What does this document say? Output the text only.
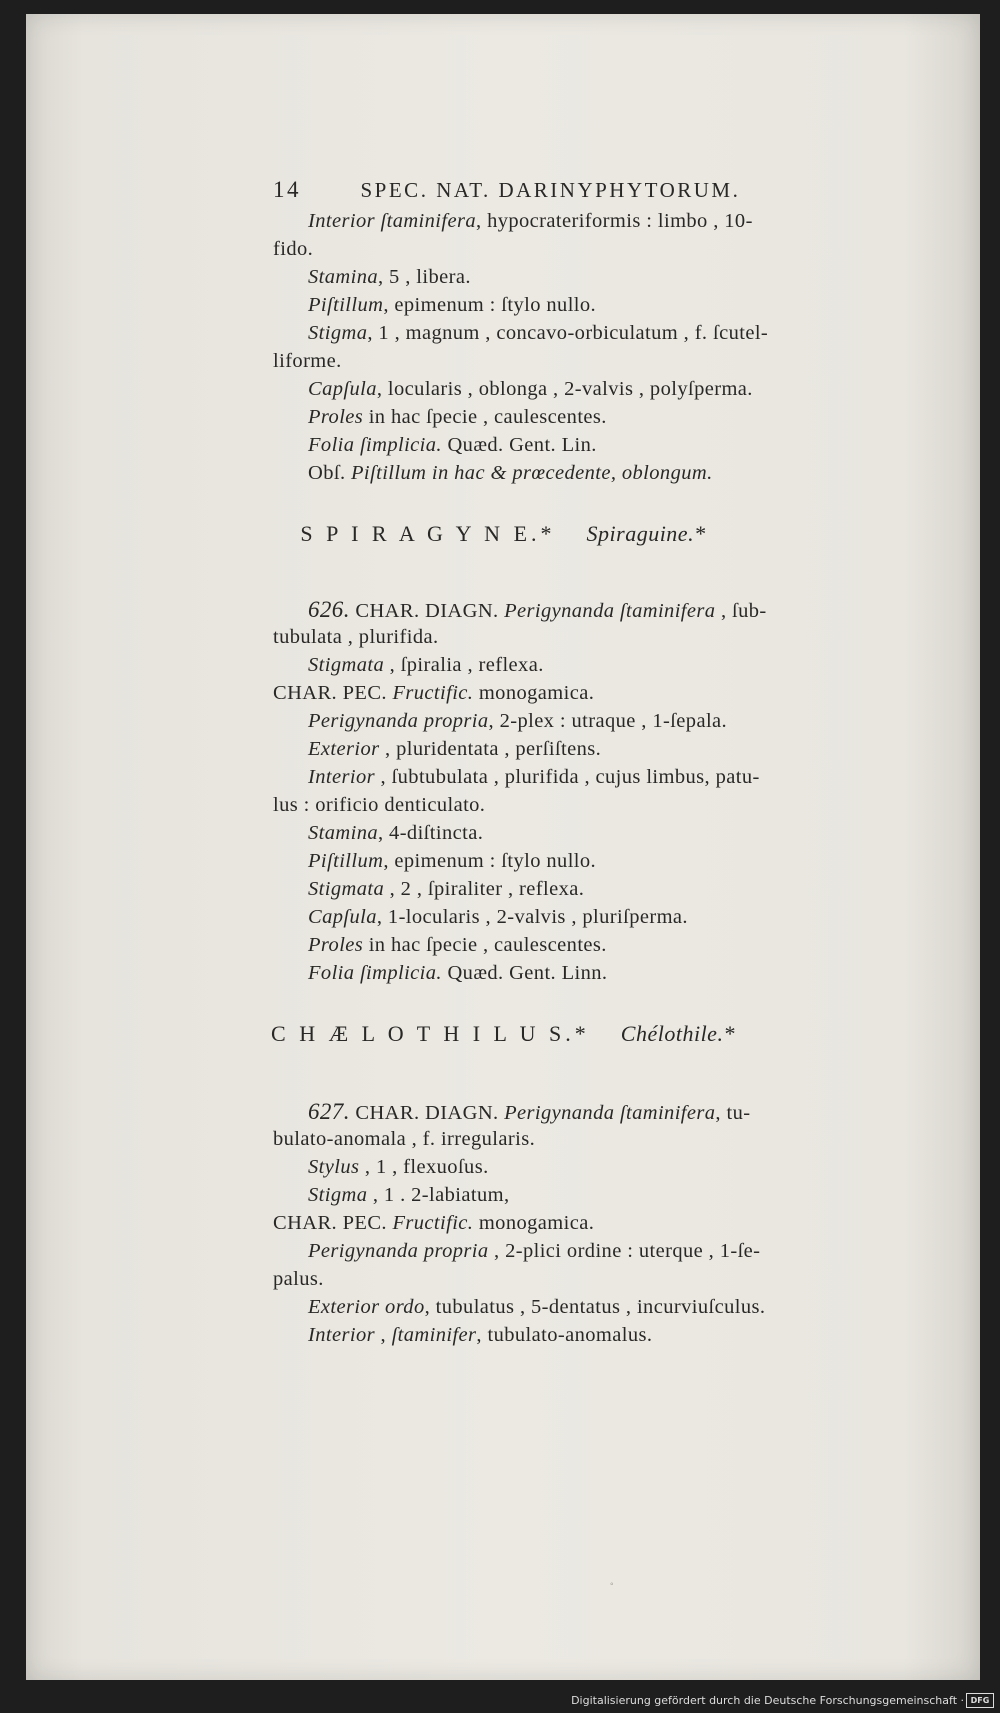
14	SPEC. NAT. DARINYPHYTORUM.
Interior ſtaminifera, hypocrateriformis : limbo , 10-
fido.
Stamina, 5 , libera.
Piſtillum, epimenum : ſtylo nullo.
Stigma, 1 , magnum , concavo-orbiculatum , f. ſcutel-
liforme.
Capſula, locularis , oblonga , 2-valvis , polyſperma.
Proles in hac ſpecie , caulescentes.
Folia ſimplicia. Quæd. Gent. Lin.
Obſ. Piſtillum in hac & prœcedente, oblongum.
S P I R A G Y N E.* Spiraguine.*
626. CHAR. DIAGN. Perigynanda ſtaminifera , ſub-
tubulata , plurifida.
Stigmata , ſpiralia , reflexa.
CHAR. PEC. Fructific. monogamica.
Perigynanda propria, 2-plex : utraque , 1-ſepala.
Exterior , pluridentata , perſiſtens.
Interior , ſubtubulata , plurifida , cujus limbus, patu-
lus : orificio denticulato.
Stamina, 4-diſtincta.
Piſtillum, epimenum : ſtylo nullo.
Stigmata , 2 , ſpiraliter , reflexa.
Capſula, 1-locularis , 2-valvis , pluriſperma.
Proles in hac ſpecie , caulescentes.
Folia ſimplicia. Quæd. Gent. Linn.
C H Æ L O T H I L U S.* Chélothile.*
627. CHAR. DIAGN. Perigynanda ſtaminifera, tu-
bulato-anomala , f. irregularis.
Stylus , 1 , flexuoſus.
Stigma , 1 . 2-labiatum,
CHAR. PEC. Fructific. monogamica.
Perigynanda propria , 2-plici ordine : uterque , 1-ſe-
palus.
Exterior ordo, tubulatus , 5-dentatus , incurviuſculus.
Interior , ſtaminifer, tubulato-anomalus.
◦
Digitalisierung gefördert durch die Deutsche Forschungsgemeinschaft · DFG
